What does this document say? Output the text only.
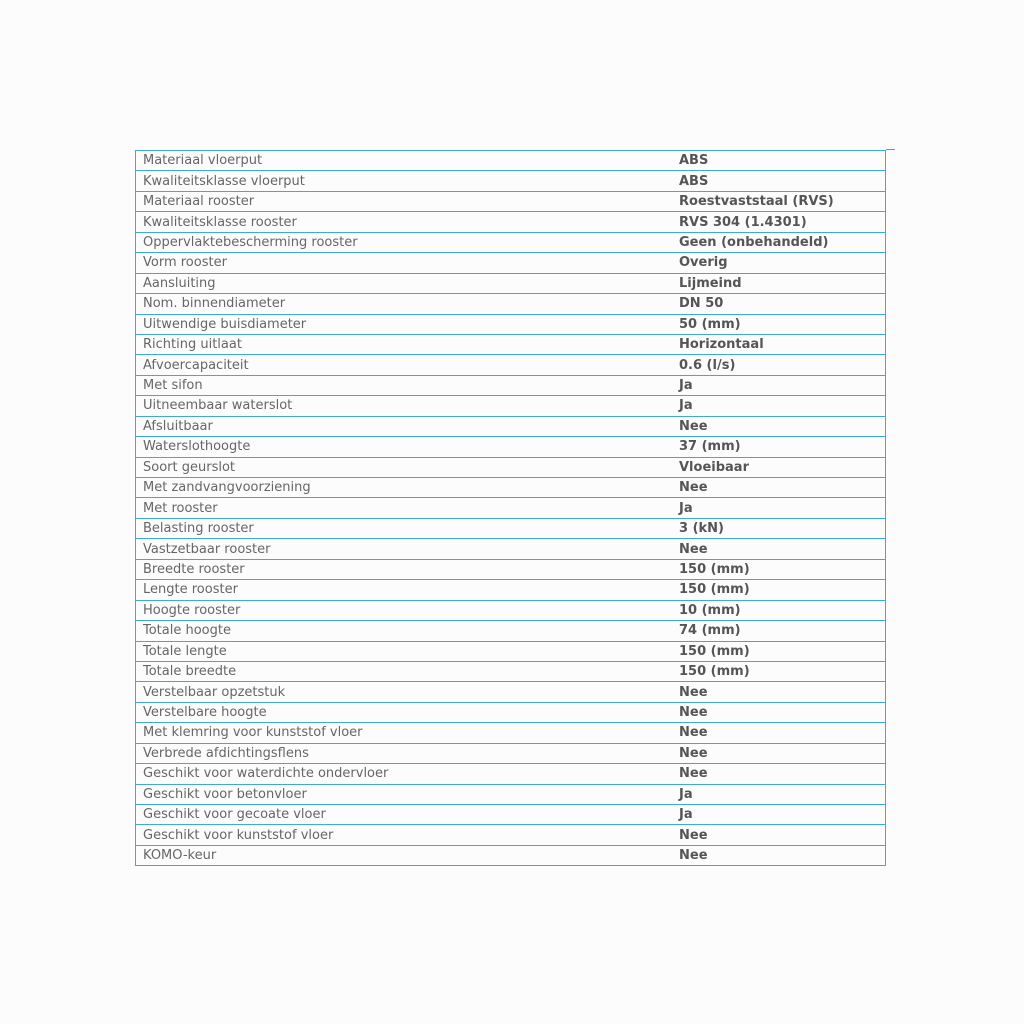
Materiaal vloerput	ABS
Kwaliteitsklasse vloerput	ABS
Materiaal rooster	Roestvaststaal (RVS)
Kwaliteitsklasse rooster	RVS 304 (1.4301)
Oppervlaktebescherming rooster	Geen (onbehandeld)
Vorm rooster	Overig
Aansluiting	Lijmeind
Nom. binnendiameter	DN 50
Uitwendige buisdiameter	50 (mm)
Richting uitlaat	Horizontaal
Afvoercapaciteit	0.6 (l/s)
Met sifon	Ja
Uitneembaar waterslot	Ja
Afsluitbaar	Nee
Waterslothoogte	37 (mm)
Soort geurslot	Vloeibaar
Met zandvangvoorziening	Nee
Met rooster	Ja
Belasting rooster	3 (kN)
Vastzetbaar rooster	Nee
Breedte rooster	150 (mm)
Lengte rooster	150 (mm)
Hoogte rooster	10 (mm)
Totale hoogte	74 (mm)
Totale lengte	150 (mm)
Totale breedte	150 (mm)
Verstelbaar opzetstuk	Nee
Verstelbare hoogte	Nee
Met klemring voor kunststof vloer	Nee
Verbrede afdichtingsflens	Nee
Geschikt voor waterdichte ondervloer	Nee
Geschikt voor betonvloer	Ja
Geschikt voor gecoate vloer	Ja
Geschikt voor kunststof vloer	Nee
KOMO-keur	Nee
